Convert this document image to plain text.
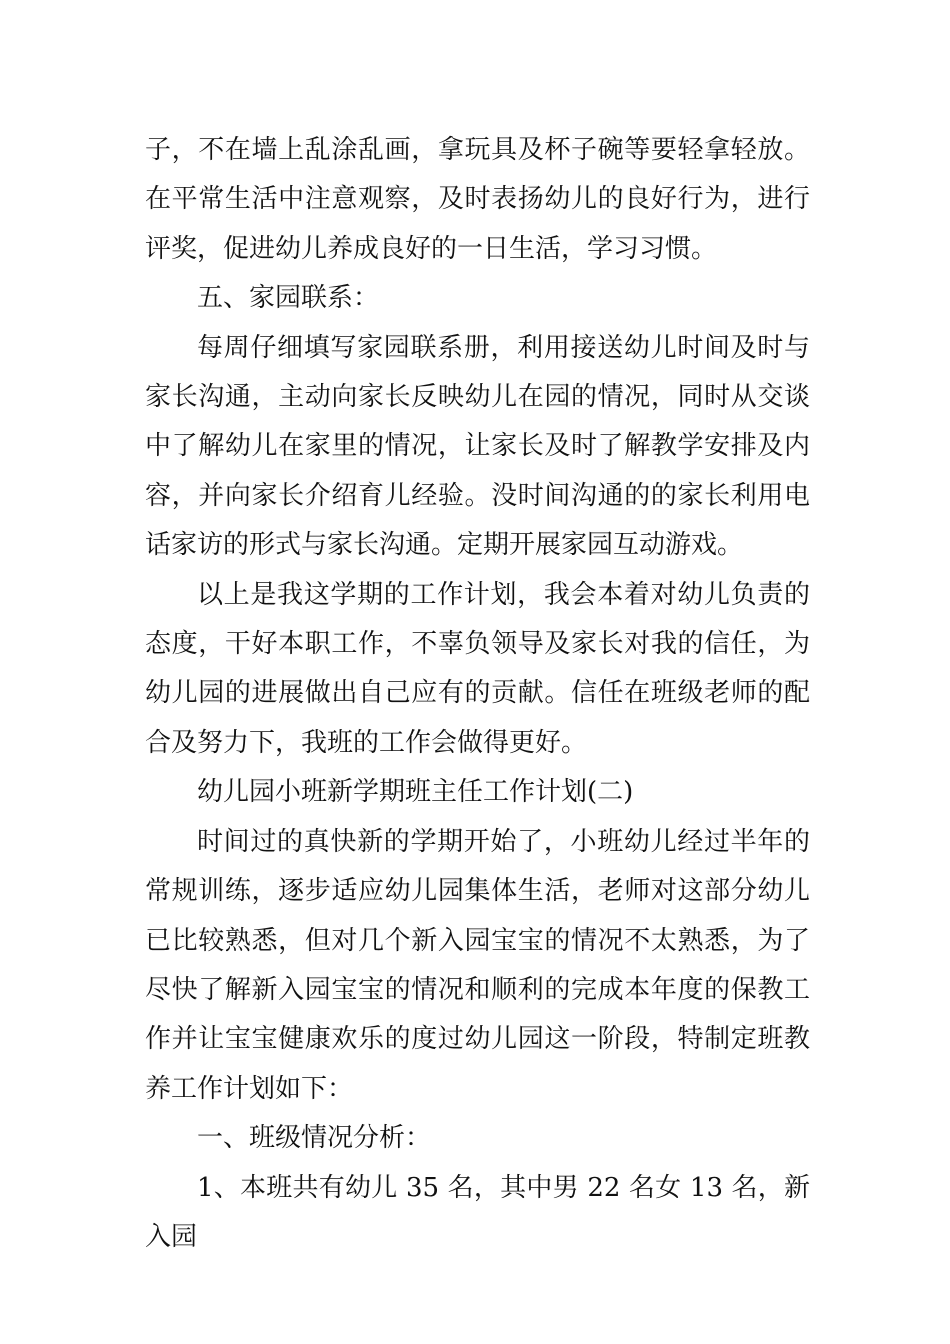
子，不在墙上乱涂乱画，拿玩具及杯子碗等要轻拿轻放。在平常生活中注意观察，及时表扬幼儿的良好行为，进行评奖，促进幼儿养成良好的一日生活，学习习惯。

五、家园联系：

每周仔细填写家园联系册，利用接送幼儿时间及时与家长沟通，主动向家长反映幼儿在园的情况，同时从交谈中了解幼儿在家里的情况，让家长及时了解教学安排及内容，并向家长介绍育儿经验。没时间沟通的的家长利用电话家访的形式与家长沟通。定期开展家园互动游戏。

以上是我这学期的工作计划，我会本着对幼儿负责的态度，干好本职工作，不辜负领导及家长对我的信任，为幼儿园的进展做出自己应有的贡献。信任在班级老师的配合及努力下，我班的工作会做得更好。

幼儿园小班新学期班主任工作计划(二)

时间过的真快新的学期开始了，小班幼儿经过半年的常规训练，逐步适应幼儿园集体生活，老师对这部分幼儿已比较熟悉，但对几个新入园宝宝的情况不太熟悉，为了尽快了解新入园宝宝的情况和顺利的完成本年度的保教工作并让宝宝健康欢乐的度过幼儿园这一阶段，特制定班教养工作计划如下：

一、班级情况分析：

1、本班共有幼儿 35 名，其中男 22 名女 13 名，新入园
